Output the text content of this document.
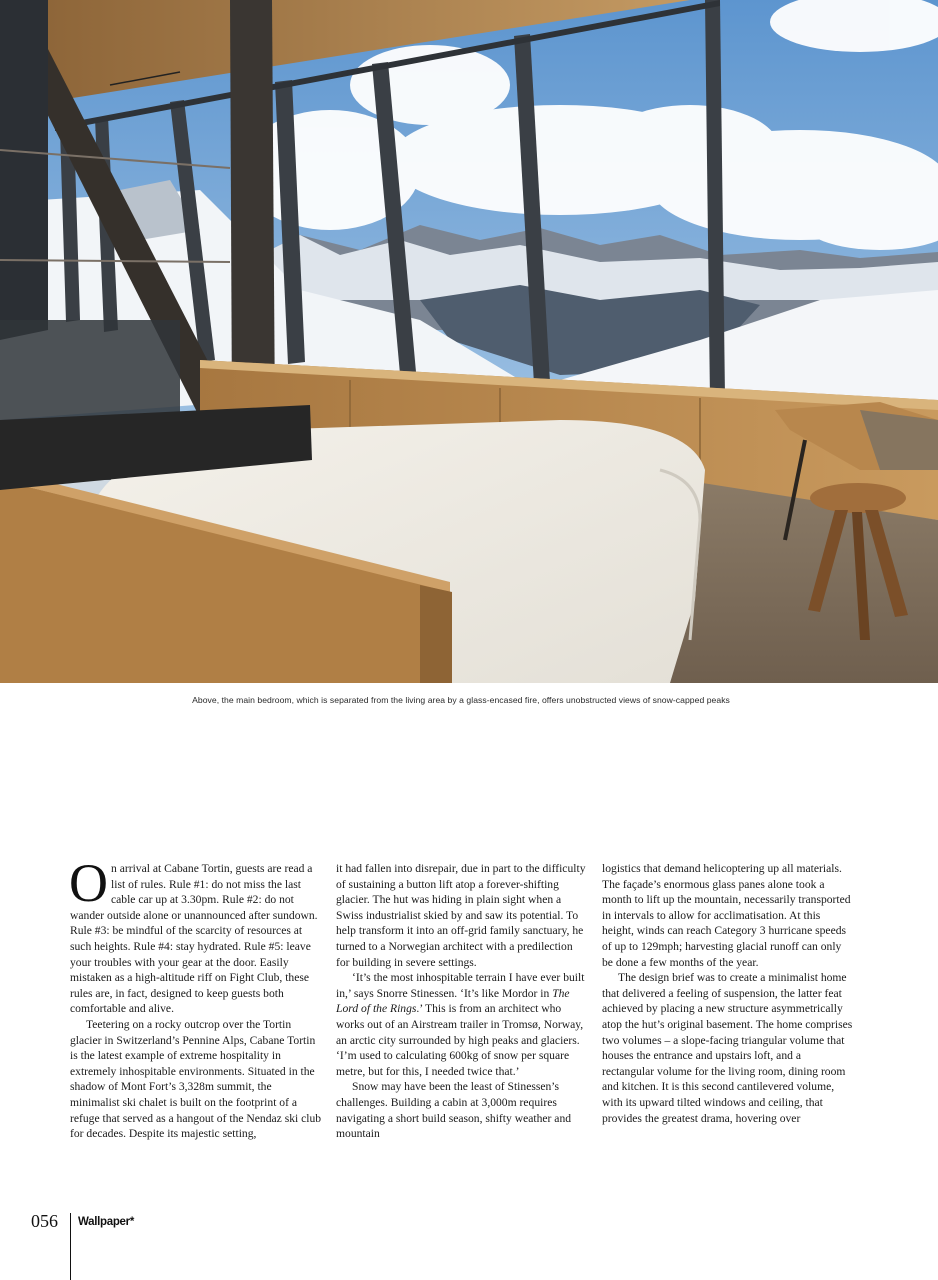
Above, the main bedroom, which is separated from the living area by a glass-encased fire, offers unobstructed views of snow-capped peaks

On arrival at Cabane Tortin, guests are read a list of rules. Rule #1: do not miss the last cable car up at 3.30pm. Rule #2: do not wander outside alone or unannounced after sundown. Rule #3: be mindful of the scarcity of resources at such heights. Rule #4: stay hydrated. Rule #5: leave your troubles with your gear at the door. Easily mistaken as a high-altitude riff on Fight Club, these rules are, in fact, designed to keep guests both comfortable and alive.

Teetering on a rocky outcrop over the Tortin glacier in Switzerland’s Pennine Alps, Cabane Tortin is the latest example of extreme hospitality in extremely inhospitable environments. Situated in the shadow of Mont Fort’s 3,328m summit, the minimalist ski chalet is built on the footprint of a refuge that served as a hangout of the Nendaz ski club for decades. Despite its majestic setting,

it had fallen into disrepair, due in part to the difficulty of sustaining a button lift atop a forever-shifting glacier. The hut was hiding in plain sight when a Swiss industrialist skied by and saw its potential. To help transform it into an off-grid family sanctuary, he turned to a Norwegian architect with a predilection for building in severe settings.

‘It’s the most inhospitable terrain I have ever built in,’ says Snorre Stinessen. ‘It’s like Mordor in The Lord of the Rings.’ This is from an architect who works out of an Airstream trailer in Tromsø, Norway, an arctic city surrounded by high peaks and glaciers. ‘I’m used to calculating 600kg of snow per square metre, but for this, I needed twice that.’

Snow may have been the least of Stinessen’s challenges. Building a cabin at 3,000m requires navigating a short build season, shifty weather and mountain

logistics that demand helicoptering up all materials. The façade’s enormous glass panes alone took a month to lift up the mountain, necessarily transported in intervals to allow for acclimatisation. At this height, winds can reach Category 3 hurricane speeds of up to 129mph; harvesting glacial runoff can only be done a few months of the year.

The design brief was to create a minimalist home that delivered a feeling of suspension, the latter feat achieved by placing a new structure asymmetrically atop the hut’s original basement. The home comprises two volumes – a slope-facing triangular volume that houses the entrance and upstairs loft, and a rectangular volume for the living room, dining room and kitchen. It is this second cantilevered volume, with its upward tilted windows and ceiling, that provides the greatest drama, hovering over

056 Wallpaper*
